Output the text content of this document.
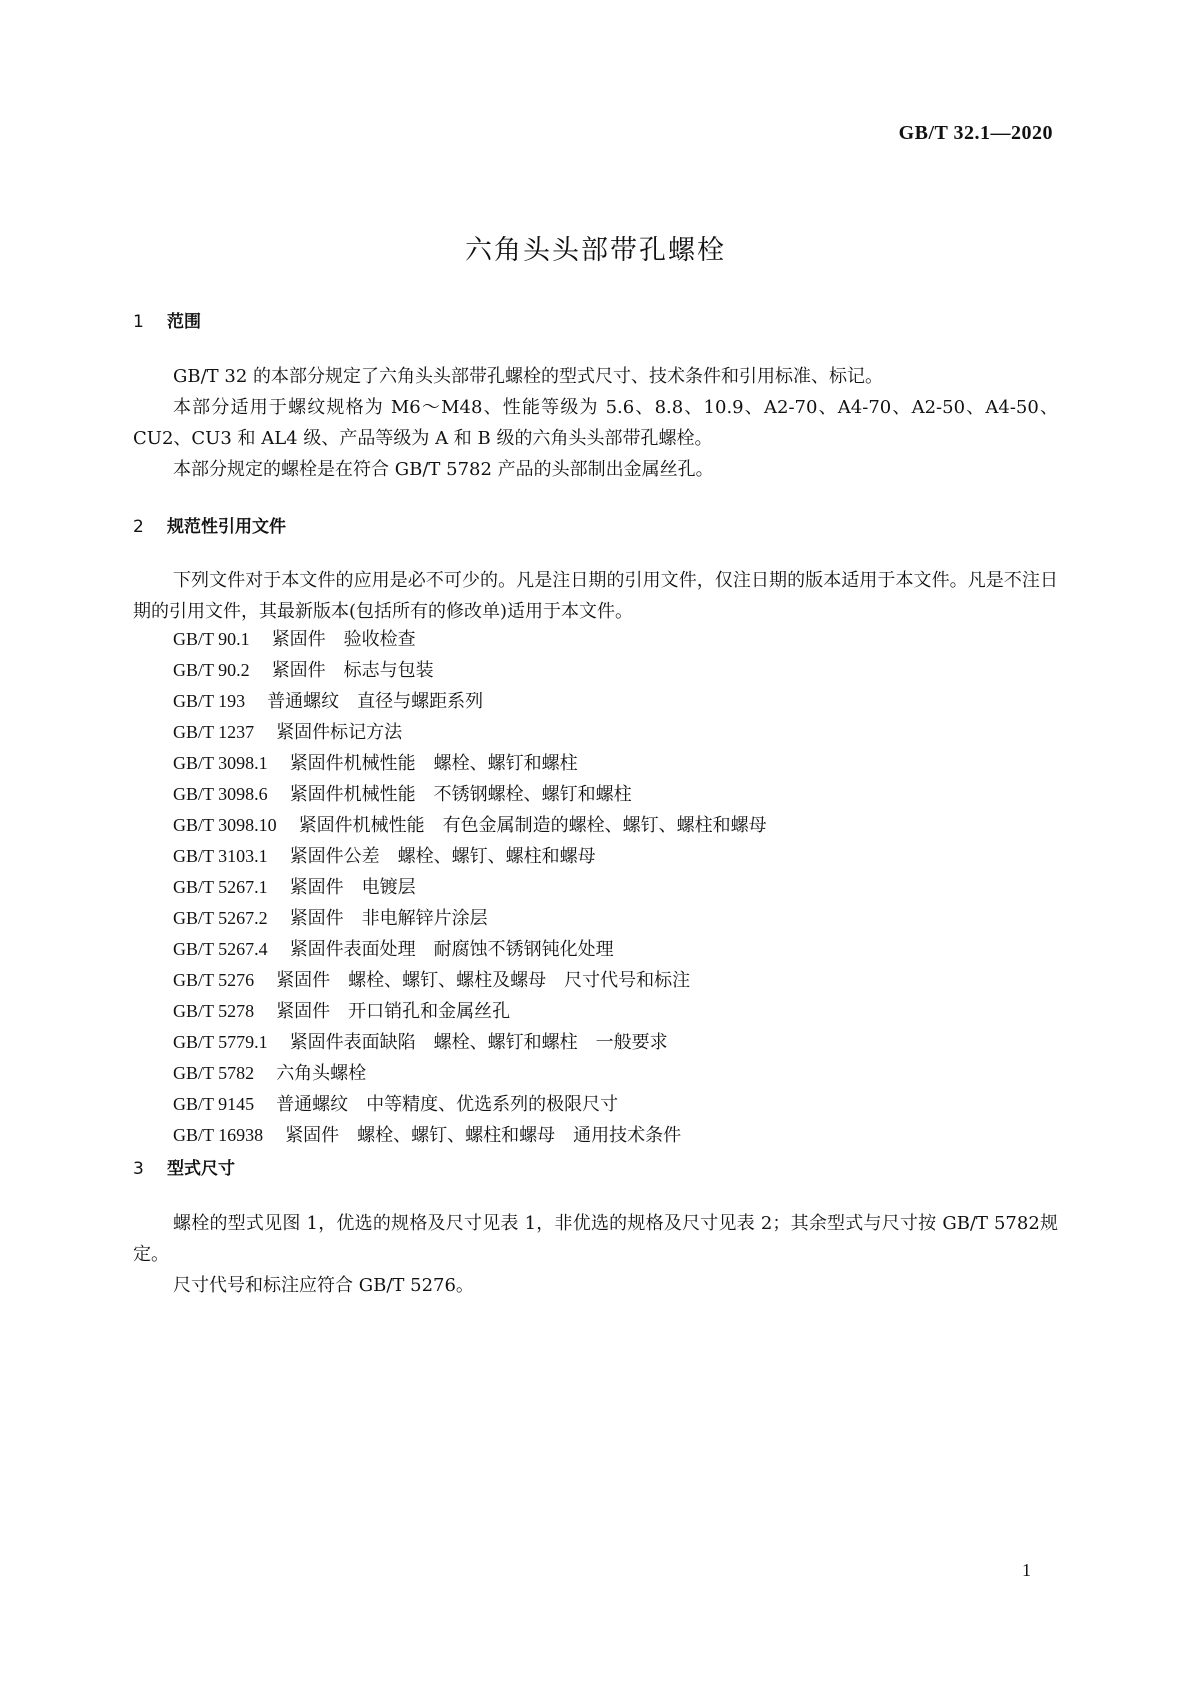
GB/T 32.1—2020
六角头头部带孔螺栓
1 范围

GB/T 32 的本部分规定了六角头头部带孔螺栓的型式尺寸、技术条件和引用标准、标记。

本部分适用于螺纹规格为 M6～M48、性能等级为 5.6、8.8、10.9、A2-70、A4-70、A2-50、A4-50、CU2、CU3 和 AL4 级、产品等级为 A 和 B 级的六角头头部带孔螺栓。

本部分规定的螺栓是在符合 GB/T 5782 产品的头部制出金属丝孔。

2 规范性引用文件

下列文件对于本文件的应用是必不可少的。凡是注日期的引用文件，仅注日期的版本适用于本文件。凡是不注日期的引用文件，其最新版本(包括所有的修改单)适用于本文件。

GB/T 90.1 紧固件　验收检查
GB/T 90.2 紧固件　标志与包装
GB/T 193 普通螺纹　直径与螺距系列
GB/T 1237 紧固件标记方法
GB/T 3098.1 紧固件机械性能　螺栓、螺钉和螺柱
GB/T 3098.6 紧固件机械性能　不锈钢螺栓、螺钉和螺柱
GB/T 3098.10 紧固件机械性能　有色金属制造的螺栓、螺钉、螺柱和螺母
GB/T 3103.1 紧固件公差　螺栓、螺钉、螺柱和螺母
GB/T 5267.1 紧固件　电镀层
GB/T 5267.2 紧固件　非电解锌片涂层
GB/T 5267.4 紧固件表面处理　耐腐蚀不锈钢钝化处理
GB/T 5276 紧固件　螺栓、螺钉、螺柱及螺母　尺寸代号和标注
GB/T 5278 紧固件　开口销孔和金属丝孔
GB/T 5779.1 紧固件表面缺陷　螺栓、螺钉和螺柱　一般要求
GB/T 5782 六角头螺栓
GB/T 9145 普通螺纹　中等精度、优选系列的极限尺寸
GB/T 16938 紧固件　螺栓、螺钉、螺柱和螺母　通用技术条件
3 型式尺寸

螺栓的型式见图 1，优选的规格及尺寸见表 1，非优选的规格及尺寸见表 2；其余型式与尺寸按 GB/T 5782规定。

尺寸代号和标注应符合 GB/T 5276。

1
